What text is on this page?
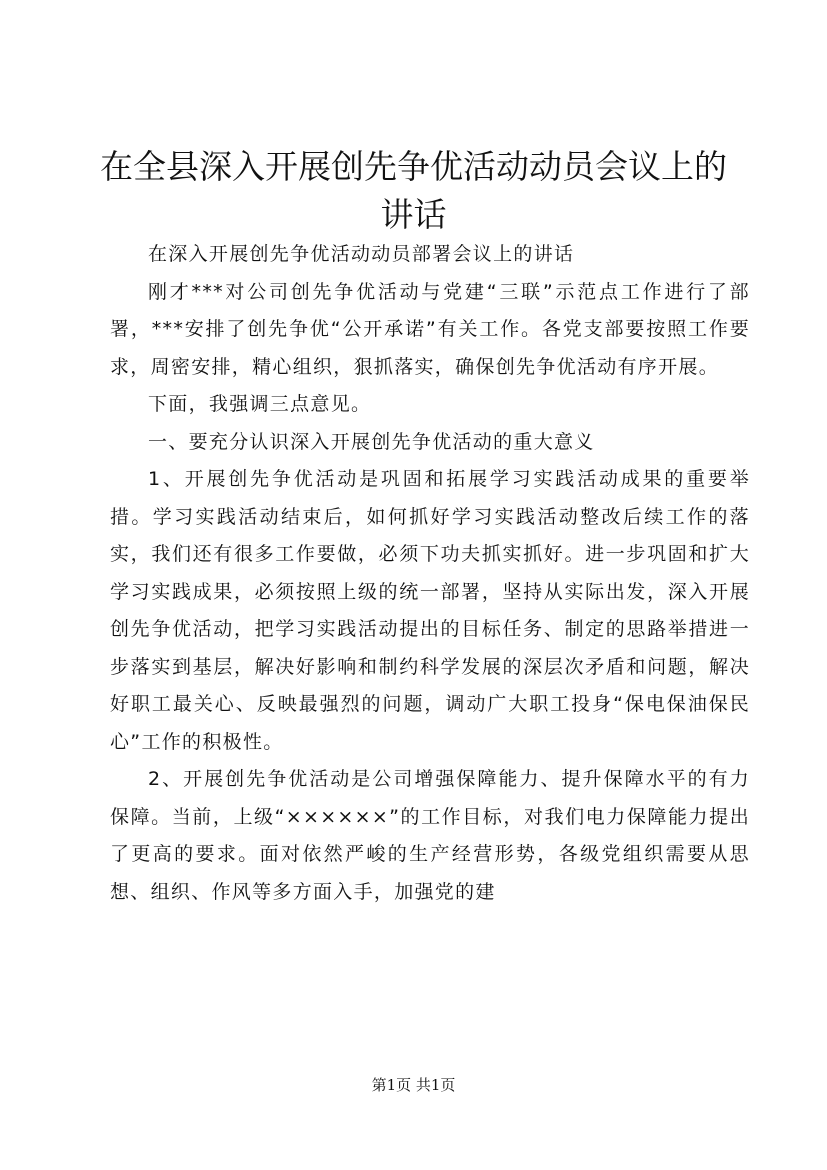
在全县深入开展创先争优活动动员会议上的讲话

在深入开展创先争优活动动员部署会议上的讲话

刚才***对公司创先争优活动与党建“三联”示范点工作进行了部署，***安排了创先争优“公开承诺”有关工作。各党支部要按照工作要求，周密安排，精心组织，狠抓落实，确保创先争优活动有序开展。

下面，我强调三点意见。

一、要充分认识深入开展创先争优活动的重大意义

1、开展创先争优活动是巩固和拓展学习实践活动成果的重要举措。学习实践活动结束后，如何抓好学习实践活动整改后续工作的落实，我们还有很多工作要做，必须下功夫抓实抓好。进一步巩固和扩大学习实践成果，必须按照上级的统一部署，坚持从实际出发，深入开展创先争优活动，把学习实践活动提出的目标任务、制定的思路举措进一步落实到基层，解决好影响和制约科学发展的深层次矛盾和问题，解决好职工最关心、反映最强烈的问题，调动广大职工投身“保电保油保民心”工作的积极性。

2、开展创先争优活动是公司增强保障能力、提升保障水平的有力保障。当前，上级“××××××”的工作目标，对我们电力保障能力提出了更高的要求。面对依然严峻的生产经营形势，各级党组织需要从思想、组织、作风等多方面入手，加强党的建

第1页 共1页
